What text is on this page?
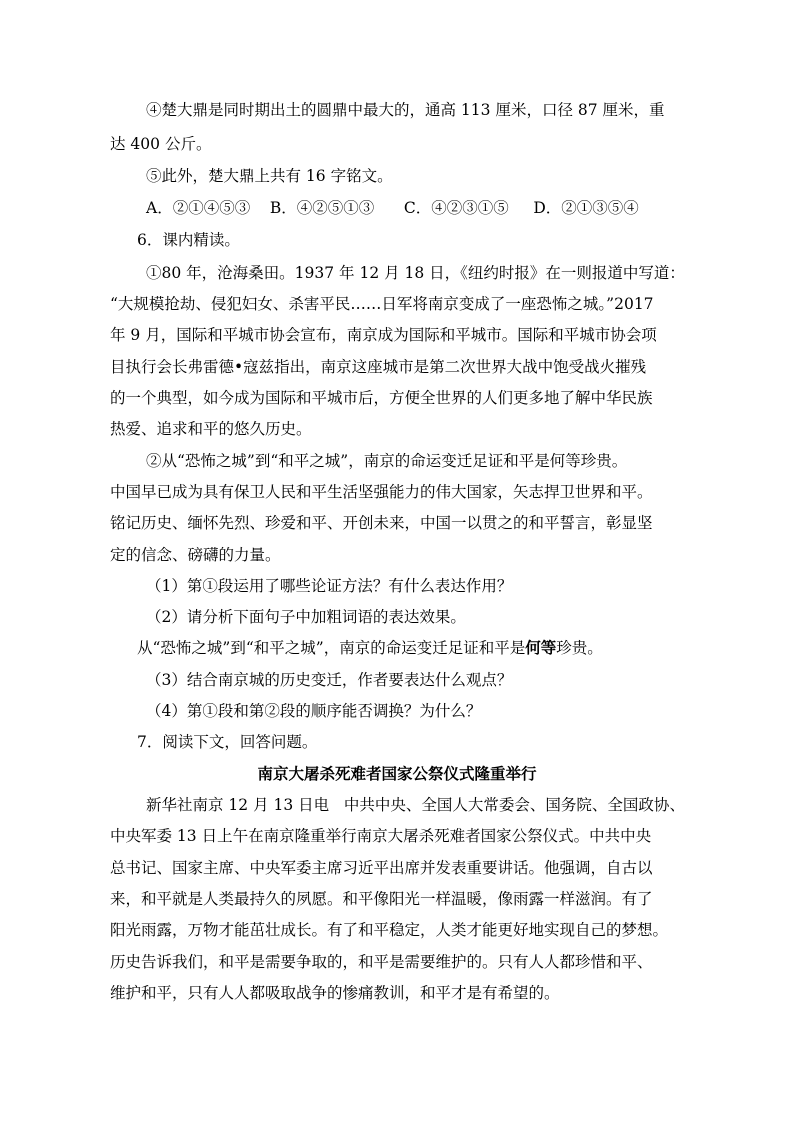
④楚大鼎是同时期出土的圆鼎中最大的，通高 113 厘米，口径 87 厘米，重
达 400 公斤。
⑤此外，楚大鼎上共有 16 字铭文。
A．②①④⑤③    B．④②⑤①③      C．④②③①⑤     D．②①③⑤④
6．课内精读。
①80 年，沧海桑田。1937 年 12 月 18 日，《纽约时报》在一则报道中写道：
“大规模抢劫、侵犯妇女、杀害平民……日军将南京变成了一座恐怖之城。”2017
年 9 月，国际和平城市协会宣布，南京成为国际和平城市。国际和平城市协会项
目执行会长弗雷德•寇兹指出，南京这座城市是第二次世界大战中饱受战火摧残
的一个典型，如今成为国际和平城市后，方便全世界的人们更多地了解中华民族
热爱、追求和平的悠久历史。
②从“恐怖之城”到“和平之城”，南京的命运变迁足证和平是何等珍贵。
中国早已成为具有保卫人民和平生活坚强能力的伟大国家，矢志捍卫世界和平。
铭记历史、缅怀先烈、珍爱和平、开创未来，中国一以贯之的和平誓言，彰显坚
定的信念、磅礴的力量。
（1）第①段运用了哪些论证方法？有什么表达作用？
（2）请分析下面句子中加粗词语的表达效果。
从“恐怖之城”到“和平之城”，南京的命运变迁足证和平是何等珍贵。
（3）结合南京城的历史变迁，作者要表达什么观点？
（4）第①段和第②段的顺序能否调换？为什么？
7．阅读下文，回答问题。
南京大屠杀死难者国家公祭仪式隆重举行
新华社南京 12 月 13 日电   中共中央、全国人大常委会、国务院、全国政协、
中央军委 13 日上午在南京隆重举行南京大屠杀死难者国家公祭仪式。中共中央
总书记、国家主席、中央军委主席习近平出席并发表重要讲话。他强调，自古以
来，和平就是人类最持久的夙愿。和平像阳光一样温暖，像雨露一样滋润。有了
阳光雨露，万物才能茁壮成长。有了和平稳定，人类才能更好地实现自己的梦想。
历史告诉我们，和平是需要争取的，和平是需要维护的。只有人人都珍惜和平、
维护和平，只有人人都吸取战争的惨痛教训，和平才是有希望的。
